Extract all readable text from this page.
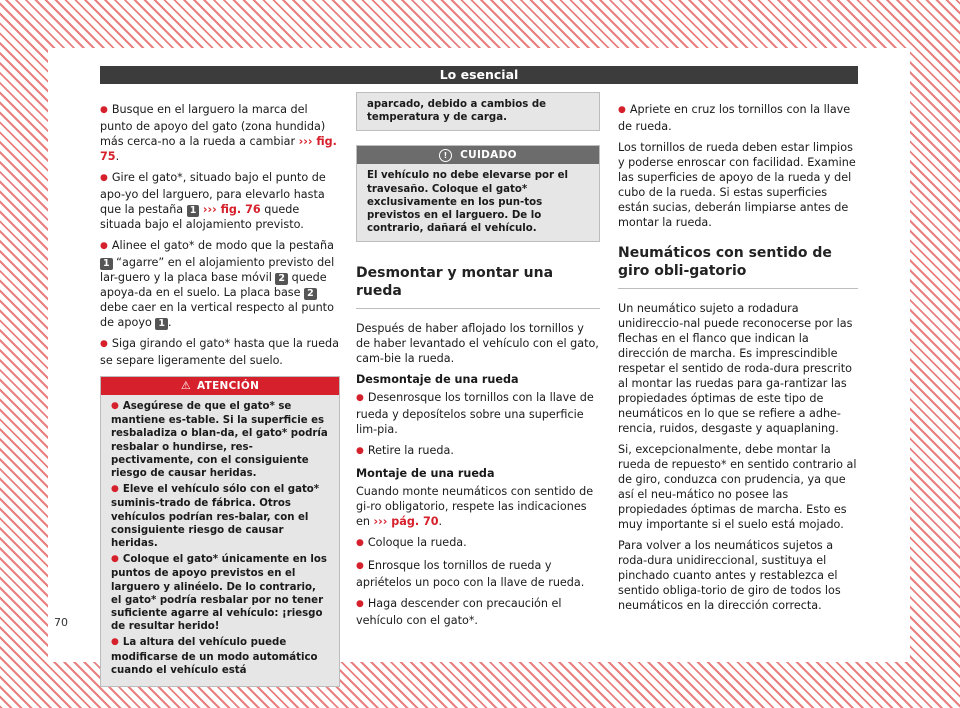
Lo esencial

● Busque en el larguero la marca del punto de apoyo del gato (zona hundida) más cerca-no a la rueda a cambiar ››› fig. 75.

● Gire el gato*, situado bajo el punto de apo-yo del larguero, para elevarlo hasta que la pestaña 1 ››› fig. 76 quede situada bajo el alojamiento previsto.

● Alinee el gato* de modo que la pestaña 1 “agarre” en el alojamiento previsto del lar-guero y la placa base móvil 2 quede apoya-da en el suelo. La placa base 2 debe caer en la vertical respecto al punto de apoyo 1 .

● Siga girando el gato* hasta que la rueda se separe ligeramente del suelo.

⚠ ATENCIÓN

● Asegúrese de que el gato* se mantiene es-table. Si la superficie es resbaladiza o blan-da, el gato* podría resbalar o hundirse, res-pectivamente, con el consiguiente riesgo de causar heridas.

● Eleve el vehículo sólo con el gato* suminis-trado de fábrica. Otros vehículos podrían res-balar, con el consiguiente riesgo de causar heridas.

● Coloque el gato* únicamente en los puntos de apoyo previstos en el larguero y alinéelo. De lo contrario, el gato* podría resbalar por no tener suficiente agarre al vehículo: ¡riesgo de resultar herido!

● La altura del vehículo puede modificarse de un modo automático cuando el vehículo está

aparcado, debido a cambios de temperatura y de carga.
! CUIDADO
El vehículo no debe elevarse por el travesaño. Coloque el gato* exclusivamente en los pun-tos previstos en el larguero. De lo contrario, dañará el vehículo.
Desmontar y montar una rueda

Después de haber aflojado los tornillos y de haber levantado el vehículo con el gato, cam-bie la rueda.

Desmontaje de una rueda

● Desenrosque los tornillos con la llave de rueda y deposítelos sobre una superficie lim-pia.

● Retire la rueda.

Montaje de una rueda

Cuando monte neumáticos con sentido de gi-ro obligatorio, respete las indicaciones en ››› pág. 70.

● Coloque la rueda.

● Enrosque los tornillos de rueda y apriételos un poco con la llave de rueda.

● Haga descender con precaución el vehículo con el gato*.

● Apriete en cruz los tornillos con la llave de rueda.

Los tornillos de rueda deben estar limpios y poderse enroscar con facilidad. Examine las superficies de apoyo de la rueda y del cubo de la rueda. Si estas superficies están sucias, deberán limpiarse antes de montar la rueda.

Neumáticos con sentido de giro obli-gatorio

Un neumático sujeto a rodadura unidireccio-nal puede reconocerse por las flechas en el flanco que indican la dirección de marcha. Es imprescindible respetar el sentido de roda-dura prescrito al montar las ruedas para ga-rantizar las propiedades óptimas de este tipo de neumáticos en lo que se refiere a adhe-rencia, ruidos, desgaste y aquaplaning.

Si, excepcionalmente, debe montar la rueda de repuesto* en sentido contrario al de giro, conduzca con prudencia, ya que así el neu-mático no posee las propiedades óptimas de marcha. Esto es muy importante si el suelo está mojado.

Para volver a los neumáticos sujetos a roda-dura unidireccional, sustituya el pinchado cuanto antes y restablezca el sentido obliga-torio de giro de todos los neumáticos en la dirección correcta.

70
